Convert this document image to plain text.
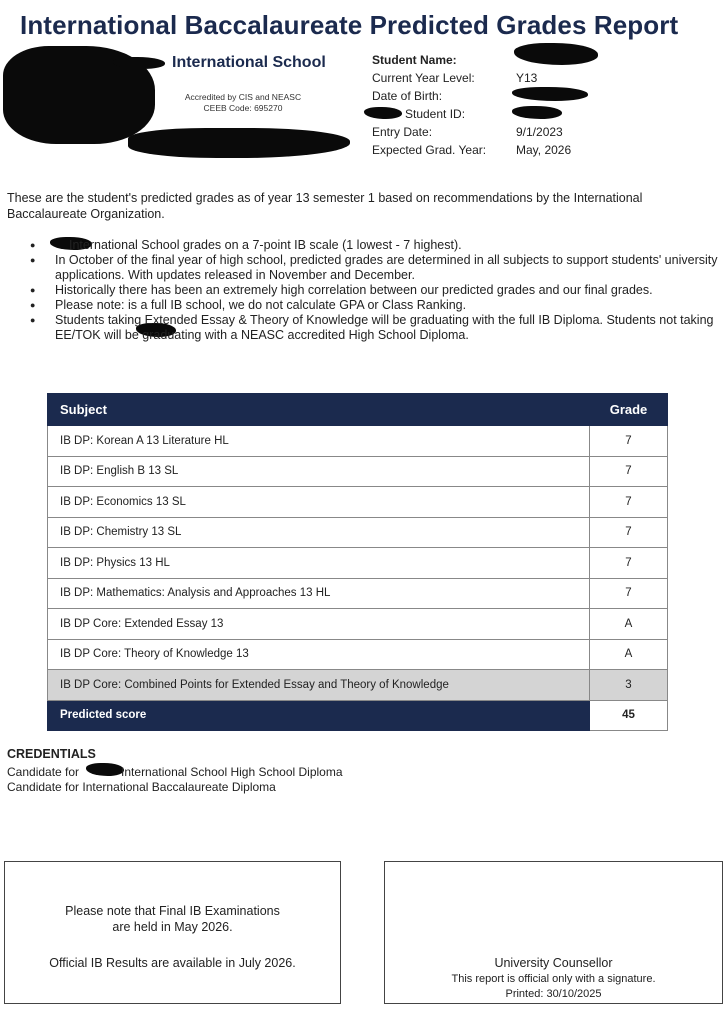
International Baccalaureate Predicted Grades Report
International School
Accredited by CIS and NEASC
CEEB Code: 695270
Student Name:
Current Year Level:	Y13
Date of Birth:
Student ID:
Entry Date:	9/1/2023
Expected Grad. Year: May, 2026
These are the student's predicted grades as of year 13 semester 1 based on recommendations by the International Baccalaureate Organization.
● International School grades on a 7-point IB scale (1 lowest - 7 highest).
● In October of the final year of high school, predicted grades are determined in all subjects to support students' university applications. With updates released in November and December.
● Historically there has been an extremely high correlation between our predicted grades and our final grades.
● Please note: is a full IB school, we do not calculate GPA or Class Ranking.
● Students taking Extended Essay & Theory of Knowledge will be graduating with the full IB Diploma. Students not taking EE/TOK will be graduating with a NEASC accredited High School Diploma.
Subject	Grade
IB DP: Korean A 13 Literature HL	7
IB DP: English B 13 SL	7
IB DP: Economics 13 SL	7
IB DP: Chemistry 13 SL	7
IB DP: Physics 13 HL	7
IB DP: Mathematics: Analysis and Approaches 13 HL	7
IB DP Core: Extended Essay 13	A
IB DP Core: Theory of Knowledge 13	A
IB DP Core: Combined Points for Extended Essay and Theory of Knowledge	3
Predicted score	45
CREDENTIALS
Candidate for	International School High School Diploma
Candidate for International Baccalaureate Diploma
Please note that Final IB Examinations
are held in May 2026.
Official IB Results are available in July 2026.	University Counsellor
This report is official only with a signature.
Printed: 30/10/2025
